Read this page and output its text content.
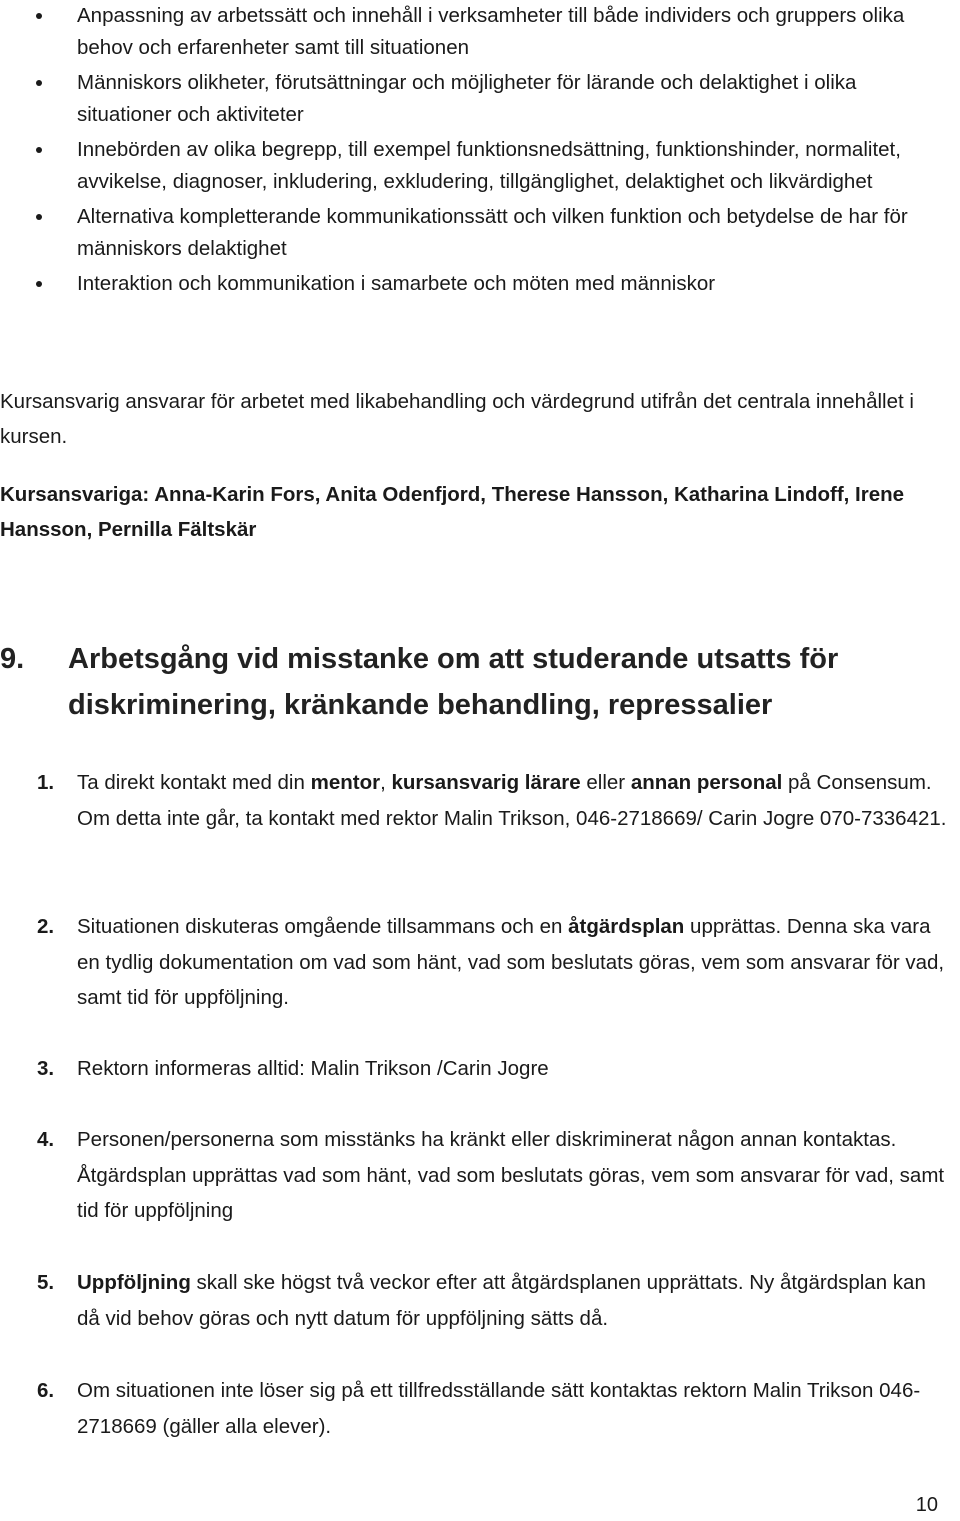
Anpassning av arbetssätt och innehåll i verksamheter till både individers och gruppers olika behov och erfarenheter samt till situationen
Människors olikheter, förutsättningar och möjligheter för lärande och delaktighet i olika situationer och aktiviteter
Innebörden av olika begrepp, till exempel funktionsnedsättning, funktionshinder, normalitet, avvikelse, diagnoser, inkludering, exkludering, tillgänglighet, delaktighet och likvärdighet
Alternativa kompletterande kommunikationssätt och vilken funktion och betydelse de har för människors delaktighet
Interaktion och kommunikation i samarbete och möten med människor

Kursansvarig ansvarar för arbetet med likabehandling och värdegrund utifrån det centrala innehållet i kursen.

Kursansvariga: Anna-Karin Fors, Anita Odenfjord, Therese Hansson, Katharina Lindoff, Irene Hansson, Pernilla Fältskär

9.	Arbetsgång vid misstanke om att studerande utsatts för diskriminering, kränkande behandling, repressalier
1.	Ta direkt kontakt med din mentor, kursansvarig lärare eller annan personal på Consensum. Om detta inte går, ta kontakt med rektor Malin Trikson, 046-2718669/ Carin Jogre 070-7336421.
2.	Situationen diskuteras omgående tillsammans och en åtgärdsplan upprättas. Denna ska vara en tydlig dokumentation om vad som hänt, vad som beslutats göras, vem som ansvarar för vad, samt tid för uppföljning.
3.	Rektorn informeras alltid: Malin Trikson /Carin Jogre
4.	Personen/personerna som misstänks ha kränkt eller diskriminerat någon annan kontaktas. Åtgärdsplan upprättas vad som hänt, vad som beslutats göras, vem som ansvarar för vad, samt tid för uppföljning
5.	Uppföljning skall ske högst två veckor efter att åtgärdsplanen upprättats. Ny åtgärdsplan kan då vid behov göras och nytt datum för uppföljning sätts då.
6.	Om situationen inte löser sig på ett tillfredsställande sätt kontaktas rektorn Malin Trikson 046-2718669 (gäller alla elever).
10
